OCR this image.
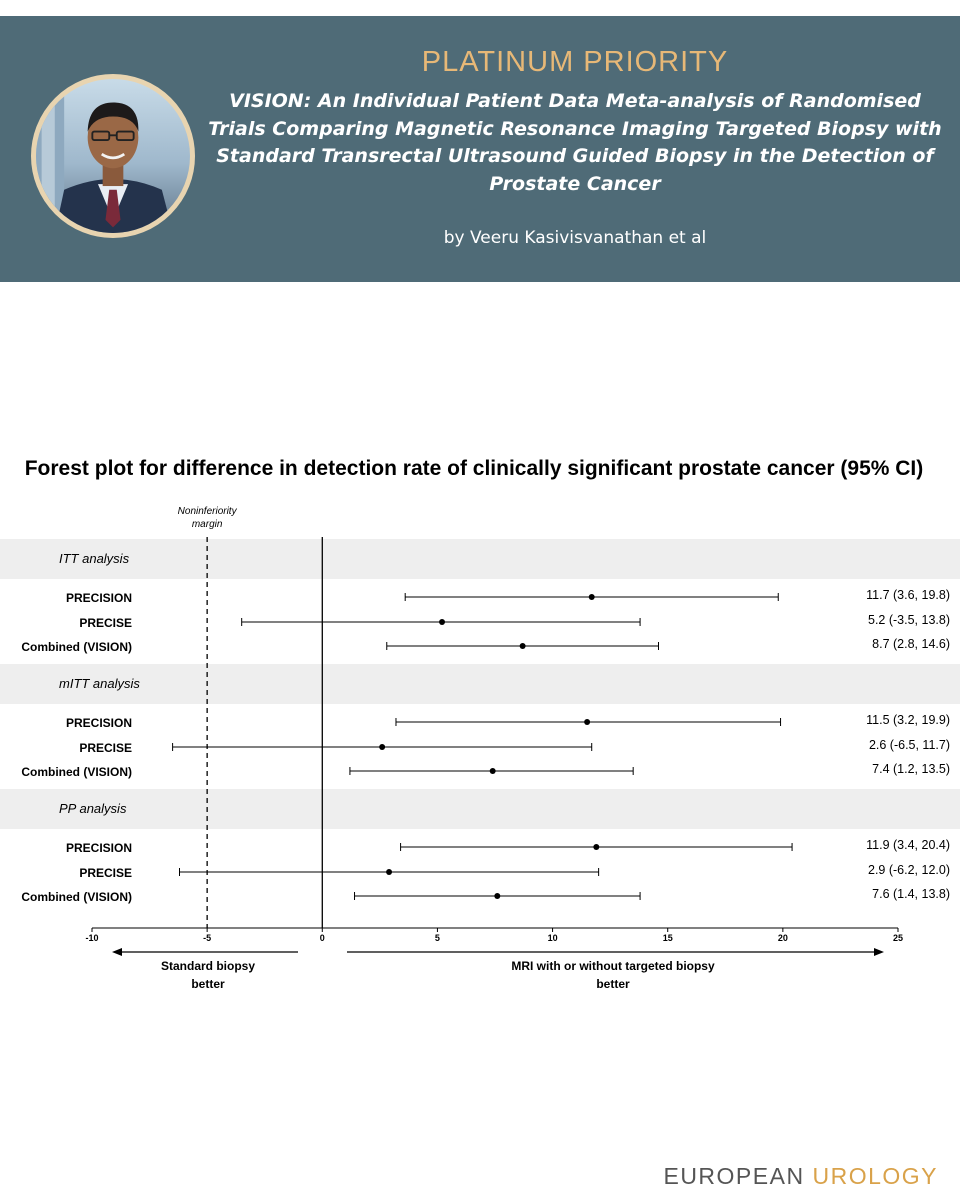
PLATINUM PRIORITY
VISION: An Individual Patient Data Meta-analysis of Randomised Trials Comparing Magnetic Resonance Imaging Targeted Biopsy with Standard Transrectal Ultrasound Guided Biopsy in the Detection of Prostate Cancer
by Veeru Kasivisvanathan et al
Forest plot for difference in detection rate of clinically significant prostate cancer (95% CI)
ITT analysis
mITT analysis
PP analysis
Noninferiority
margin
PRECISION	11.7 (3.6, 19.8)
PRECISE	5.2 (-3.5, 13.8)
Combined (VISION)	8.7 (2.8, 14.6)
PRECISION	11.5 (3.2, 19.9)
PRECISE	2.6 (-6.5, 11.7)
Combined (VISION)	7.4 (1.2, 13.5)
PRECISION	11.9 (3.4, 20.4)
PRECISE	2.9 (-6.2, 12.0)
Combined (VISION)	7.6 (1.4, 13.8)
-10	-5	0	5	10	15	20	25
Standard biopsy
better
MRI with or without targeted biopsy
better
EUROPEAN UROLOGY
